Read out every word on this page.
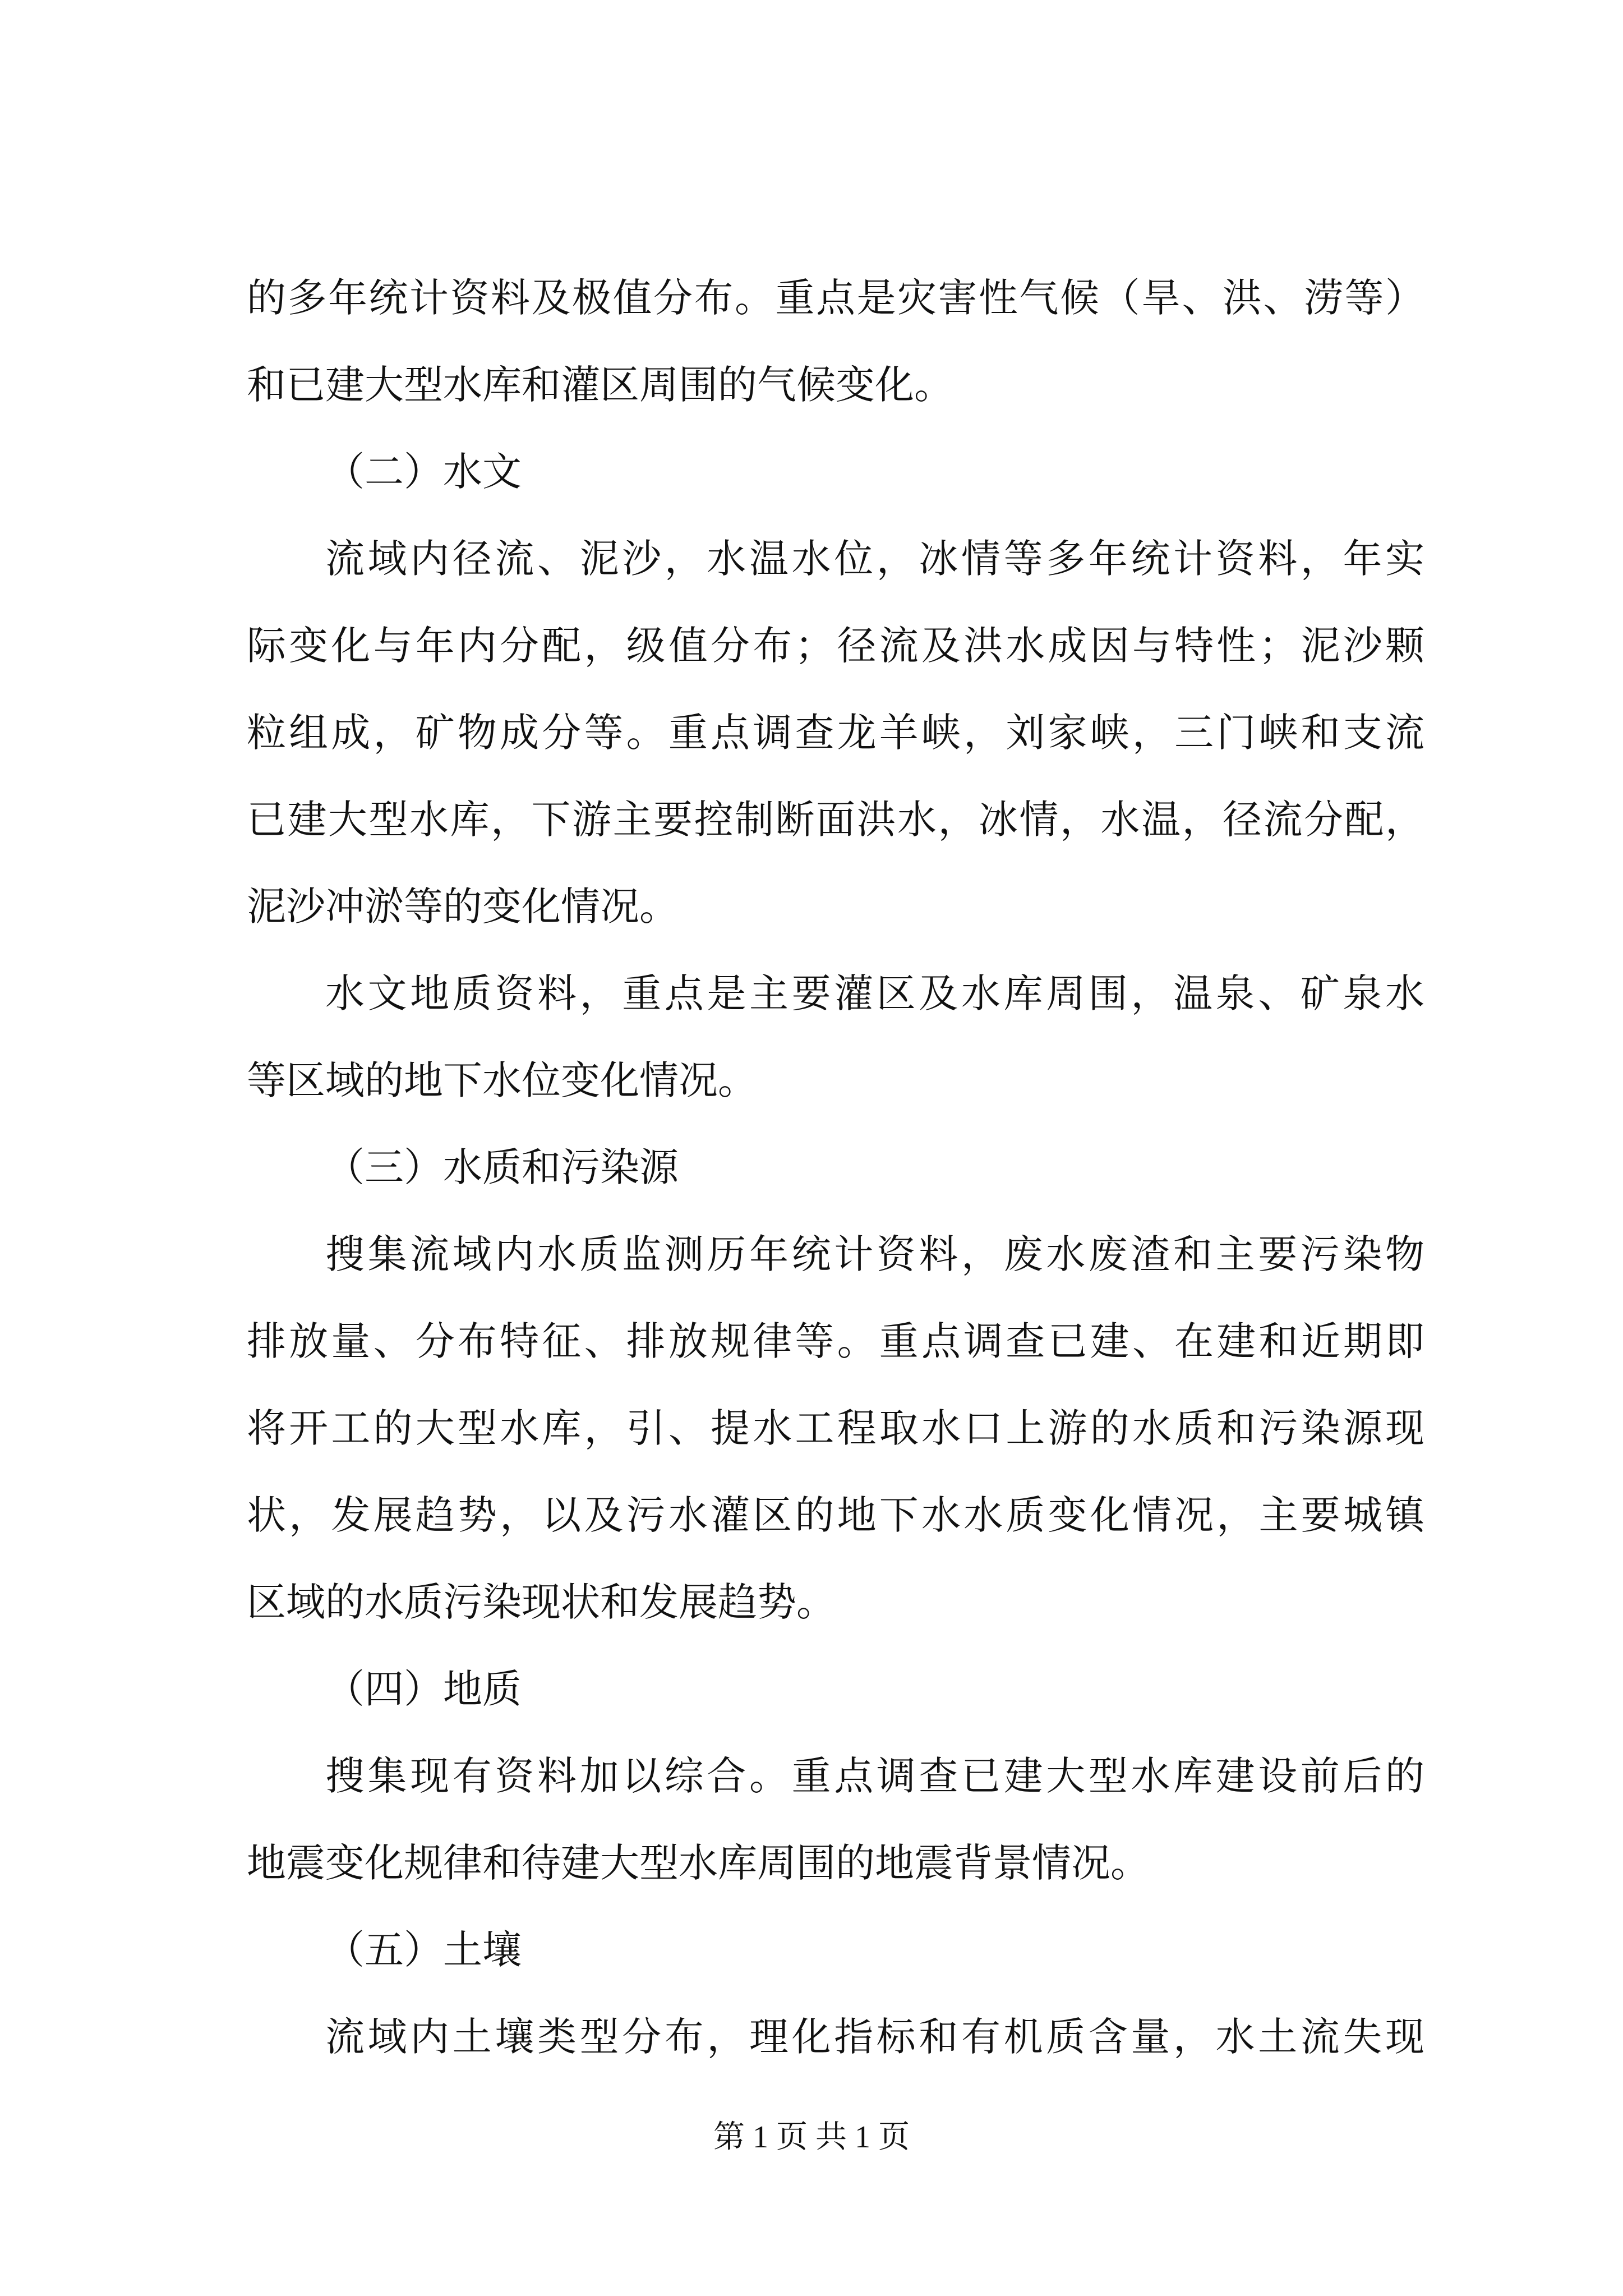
的多年统计资料及极值分布。重点是灾害性气候（旱、洪、涝等）
和已建大型水库和灌区周围的气候变化。
（二）水文
流域内径流、泥沙，水温水位，冰情等多年统计资料，年实
际变化与年内分配，级值分布；径流及洪水成因与特性；泥沙颗
粒组成，矿物成分等。重点调查龙羊峡，刘家峡，三门峡和支流
已建大型水库，下游主要控制断面洪水，冰情，水温，径流分配，
泥沙冲淤等的变化情况。
水文地质资料，重点是主要灌区及水库周围，温泉、矿泉水
等区域的地下水位变化情况。
（三）水质和污染源
搜集流域内水质监测历年统计资料，废水废渣和主要污染物
排放量、分布特征、排放规律等。重点调查已建、在建和近期即
将开工的大型水库，引、提水工程取水口上游的水质和污染源现
状，发展趋势，以及污水灌区的地下水水质变化情况，主要城镇
区域的水质污染现状和发展趋势。
（四）地质
搜集现有资料加以综合。重点调查已建大型水库建设前后的
地震变化规律和待建大型水库周围的地震背景情况。
（五）土壤
流域内土壤类型分布，理化指标和有机质含量，水土流失现
第 1 页 共 1 页
